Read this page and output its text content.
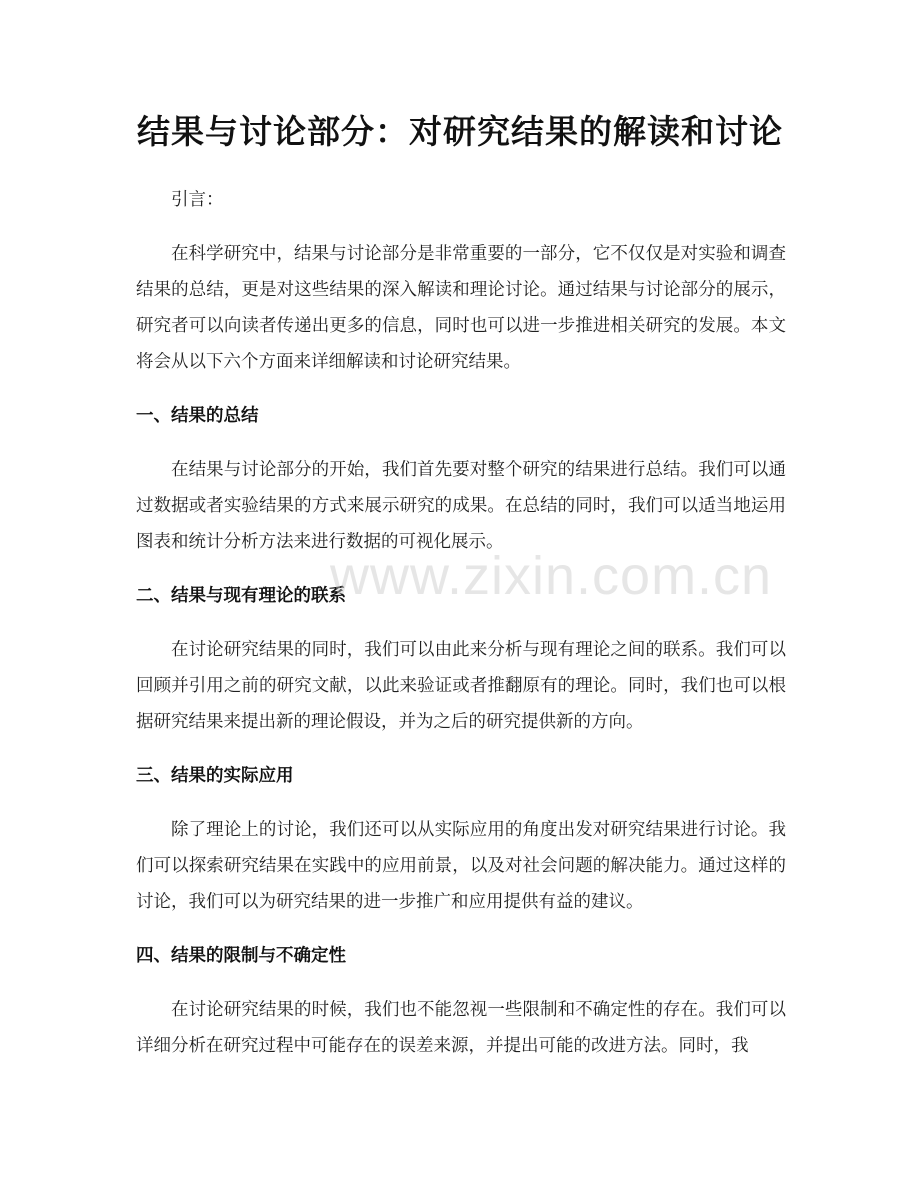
结果与讨论部分：对研究结果的解读和讨论

引言：

在科学研究中，结果与讨论部分是非常重要的一部分，它不仅仅是对实验和调查结果的总结，更是对这些结果的深入解读和理论讨论。通过结果与讨论部分的展示，研究者可以向读者传递出更多的信息，同时也可以进一步推进相关研究的发展。本文将会从以下六个方面来详细解读和讨论研究结果。

一、结果的总结

在结果与讨论部分的开始，我们首先要对整个研究的结果进行总结。我们可以通过数据或者实验结果的方式来展示研究的成果。在总结的同时，我们可以适当地运用图表和统计分析方法来进行数据的可视化展示。

二、结果与现有理论的联系

在讨论研究结果的同时，我们可以由此来分析与现有理论之间的联系。我们可以回顾并引用之前的研究文献，以此来验证或者推翻原有的理论。同时，我们也可以根据研究结果来提出新的理论假设，并为之后的研究提供新的方向。

三、结果的实际应用

除了理论上的讨论，我们还可以从实际应用的角度出发对研究结果进行讨论。我们可以探索研究结果在实践中的应用前景，以及对社会问题的解决能力。通过这样的讨论，我们可以为研究结果的进一步推广和应用提供有益的建议。

四、结果的限制与不确定性

在讨论研究结果的时候，我们也不能忽视一些限制和不确定性的存在。我们可以详细分析在研究过程中可能存在的误差来源，并提出可能的改进方法。同时，我

www.zixin.com.cn
